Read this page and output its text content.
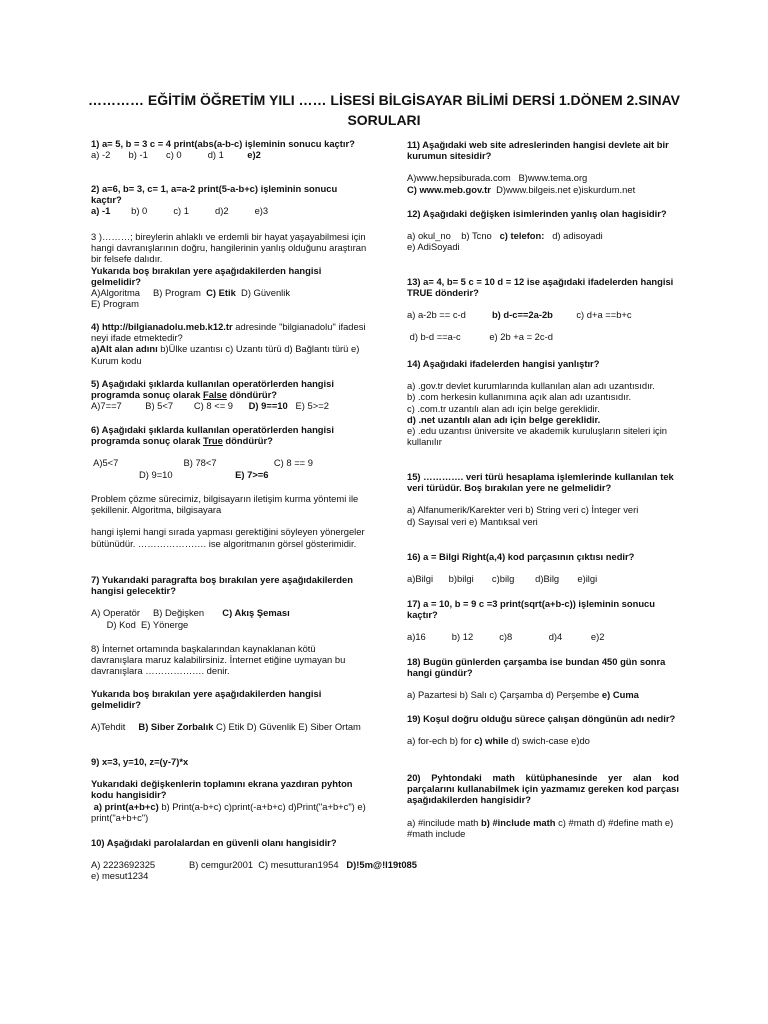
………… EĞİTİM ÖĞRETİM YILI …… LİSESİ BİLGİSAYAR BİLİMİ DERSİ 1.DÖNEM 2.SINAV
SORULARI

1) a= 5, b = 3 c = 4 print(abs(a-b-c) işleminin sonucu kaçtır?

a) -2       b) -1       c) 0          d) 1         e)2

2) a=6, b= 3, c= 1, a=a-2 print(5-a-b+c) işleminin sonucu kaçtır?

a) -1        b) 0          c) 1          d)2          e)3

3 )………; bireylerin ahlaklı ve erdemli bir hayat yaşayabilmesi için hangi davranışlarının doğru, hangilerinin yanlış olduğunu araştıran bir felsefe dalıdır.

Yukarıda boş bırakılan yere aşağıdakilerden hangisi gelmelidir?

A)Algoritma     B) Program  C) Etik  D) Güvenlik

E) Program

4) http://bilgianadolu.meb.k12.tr adresinde "bilgianadolu" ifadesi neyi ifade etmektedir?

a)Alt alan adını b)Ülke uzantısı c) Uzantı türü d) Bağlantı türü e) Kurum kodu

5) Aşağıdaki şıklarda kullanılan operatörlerden hangisi programda sonuç olarak False döndürür?

A)7==7         B) 5<7        C) 8 <= 9      D) 9==10   E) 5>=2

6) Aşağıdaki şıklarda kullanılan operatörlerden hangisi programda sonuç olarak True döndürür?

A)5<7                         B) 78<7                      C) 8 == 9

D) 9=10                        E) 7>=6

Problem çözme sürecimiz, bilgisayarın iletişim kurma yöntemi ile şekillenir. Algoritma, bilgisayara

hangi işlemi hangi sırada yapması gerektiğini söyleyen yönergeler bütünüdür. …………………. ise algoritmanın görsel gösterimidir.

7) Yukarıdaki paragrafta boş bırakılan yere aşağıdakilerden hangisi gelecektir?

A) Operatör     B) Değişken       C) Akış Şeması      D) Kod  E) Yönerge

8) İnternet ortamında başkalarından kaynaklanan kötü davranışlara maruz kalabilirsiniz. İnternet etiğine uymayan bu davranışlara ………………. denir.

Yukarıda boş bırakılan yere aşağıdakilerden hangisi gelmelidir?

A)Tehdit     B) Siber Zorbalık C) Etik D) Güvenlik E) Siber Ortam

9) x=3, y=10, z=(y-7)*x

Yukarıdaki değişkenlerin toplamını ekrana yazdıran pyhton kodu hangisidir?

a) print(a+b+c) b) Print(a-b+c) c)print(-a+b+c) d)Print("a+b+c") e) print("a+b+c")

10) Aşağıdaki parolalardan en güvenli olanı hangisidir?

A) 2223692325             B) cemgur2001  C) mesutturan1954   D)!5m@!l19t085 e) mesut1234

11) Aşağıdaki web site adreslerinden hangisi devlete ait bir kurumun sitesidir?

A)www.hepsiburada.com   B)www.tema.org

C) www.meb.gov.tr  D)www.bilgeis.net e)iskurdum.net

12) Aşağıdaki değişken isimlerinden yanlış olan hagisidir?

a) okul_no    b) Tcno   c) telefon:   d) adisoyadi

e) AdiSoyadi

13) a= 4, b= 5 c = 10 d = 12 ise aşağıdaki ifadelerden hangisi TRUE dönderir?

a) a-2b == c-d          b) d-c==2a-2b         c) d+a ==b+c

d) b-d ==a-c           e) 2b +a = 2c-d

14) Aşağıdaki ifadelerden hangisi yanlıştır?

a) .gov.tr devlet kurumlarında kullanılan alan adı uzantısıdır.

b) .com herkesin kullanımına açık alan adı uzantısıdır.

c) .com.tr uzantılı alan adı için belge gereklidir.

d) .net uzantılı alan adı için belge gereklidir.

e) .edu uzantısı üniversite ve akademik kuruluşların siteleri için kullanılır

15) …………. veri türü hesaplama işlemlerinde kullanılan tek veri türüdür. Boş bırakılan yere ne gelmelidir?

a) Alfanumerik/Karekter veri b) String veri c) İnteger veri

d) Sayısal veri e) Mantıksal veri

16) a = Bilgi Right(a,4) kod parçasının çıktısı nedir?

a)Bilgi      b)bilgi       c)bilg        d)Bilg       e)ilgi

17) a = 10, b = 9 c =3 print(sqrt(a+b-c)) işleminin sonucu kaçtır?

a)16          b) 12          c)8              d)4           e)2

18) Bugün günlerden çarşamba ise bundan 450 gün sonra hangi gündür?

a) Pazartesi b) Salı c) Çarşamba d) Perşembe e) Cuma

19) Koşul doğru olduğu sürece çalışan döngünün adı nedir?

a) for-ech b) for c) while d) swich-case e)do

20) Pyhtondaki math kütüphanesinde yer alan kod parçalarını kullanabilmek için yazmamız gereken kod parçası aşağıdakilerden hangisidir?

a) #incilude math b) #include math c) #math d) #define math e) #math include
